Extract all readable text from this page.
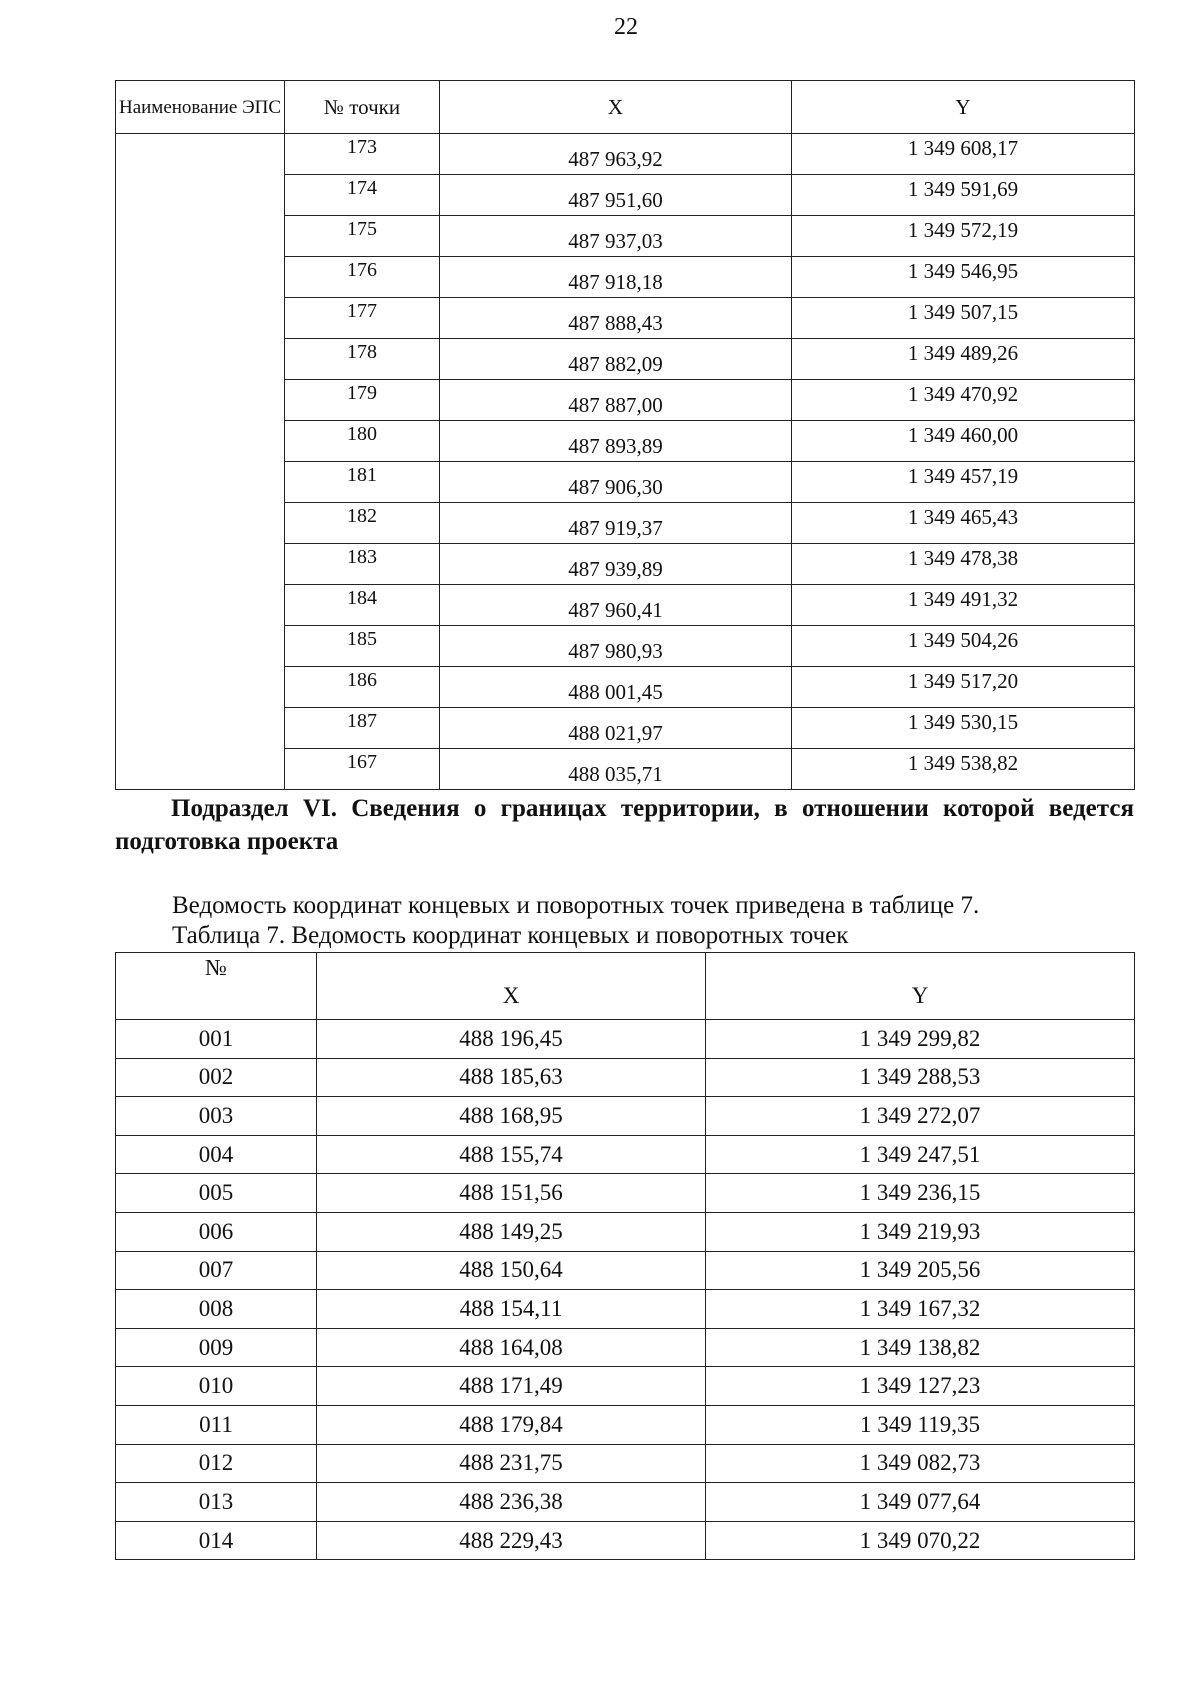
22
Наименование ЭПС	№ точки	X	Y
	173	487 963,92	1 349 608,17
	174	487 951,60	1 349 591,69
	175	487 937,03	1 349 572,19
	176	487 918,18	1 349 546,95
	177	487 888,43	1 349 507,15
	178	487 882,09	1 349 489,26
	179	487 887,00	1 349 470,92
	180	487 893,89	1 349 460,00
	181	487 906,30	1 349 457,19
	182	487 919,37	1 349 465,43
	183	487 939,89	1 349 478,38
	184	487 960,41	1 349 491,32
	185	487 980,93	1 349 504,26
	186	488 001,45	1 349 517,20
	187	488 021,97	1 349 530,15
	167	488 035,71	1 349 538,82
Подраздел VI. Сведения о границах территории, в отношении которой ведется подготовка проекта
Ведомость координат концевых и поворотных точек приведена в таблице 7.
Таблица 7. Ведомость координат концевых и поворотных точек
№	X	Y
001	488 196,45	1 349 299,82
002	488 185,63	1 349 288,53
003	488 168,95	1 349 272,07
004	488 155,74	1 349 247,51
005	488 151,56	1 349 236,15
006	488 149,25	1 349 219,93
007	488 150,64	1 349 205,56
008	488 154,11	1 349 167,32
009	488 164,08	1 349 138,82
010	488 171,49	1 349 127,23
011	488 179,84	1 349 119,35
012	488 231,75	1 349 082,73
013	488 236,38	1 349 077,64
014	488 229,43	1 349 070,22
